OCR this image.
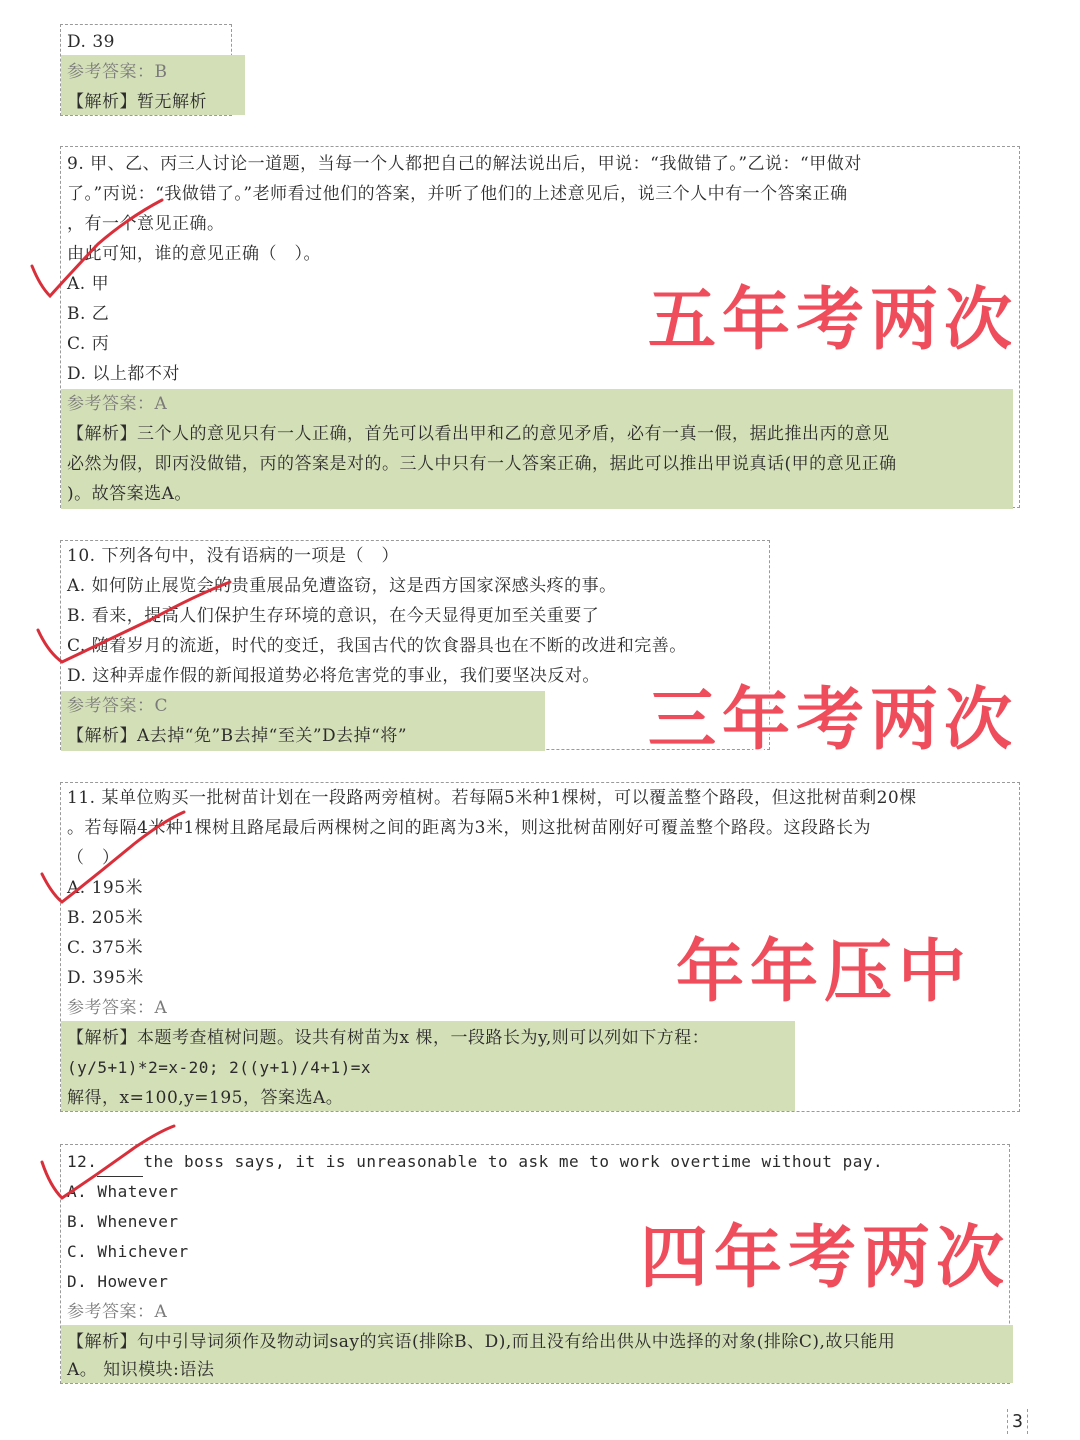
D. 39
参考答案：B
【解析】暂无解析
9. 甲、乙、丙三人讨论一道题，当每一个人都把自己的解法说出后，甲说：“我做错了。”乙说：“甲做对
了。”丙说：“我做错了。”老师看过他们的答案，并听了他们的上述意见后，说三个人中有一个答案正确
，有一个意见正确。
由此可知，谁的意见正确（　）。
A. 甲
B. 乙
C. 丙
D. 以上都不对
参考答案：A
【解析】三个人的意见只有一人正确，首先可以看出甲和乙的意见矛盾，必有一真一假，据此推出丙的意见
必然为假，即丙没做错，丙的答案是对的。三人中只有一人答案正确，据此可以推出甲说真话(甲的意见正确
)。故答案选A。
五年考两次
10. 下列各句中，没有语病的一项是（　）
A. 如何防止展览会的贵重展品免遭盗窃，这是西方国家深感头疼的事。
B. 看来，提高人们保护生存环境的意识，在今天显得更加至关重要了
C. 随着岁月的流逝，时代的变迁，我国古代的饮食器具也在不断的改进和完善。
D. 这种弄虚作假的新闻报道势必将危害党的事业，我们要坚决反对。
参考答案：C
【解析】A去掉“免”B去掉“至关”D去掉“将”	三年考两次
11. 某单位购买一批树苗计划在一段路两旁植树。若每隔5米种1棵树，可以覆盖整个路段，但这批树苗剩20棵
。若每隔4米种1棵树且路尾最后两棵树之间的距离为3米，则这批树苗刚好可覆盖整个路段。这段路长为
（　）
A. 195米
B. 205米
C. 375米
D. 395米
参考答案：A
【解析】本题考查植树问题。设共有树苗为x 棵，一段路长为y,则可以列如下方程：
(y/5+1)*2=x-20; 2((y+1)/4+1)=x
解得，x=100,y=195，答案选A。
年年压中
12.	the boss says, it is unreasonable to ask me to work overtime without pay.
A. Whatever
B. Whenever
C. Whichever
D. However
参考答案：A
【解析】句中引导词须作及物动词say的宾语(排除B、D),而且没有给出供从中选择的对象(排除C),故只能用
A。 知识模块:语法
四年考两次
3
